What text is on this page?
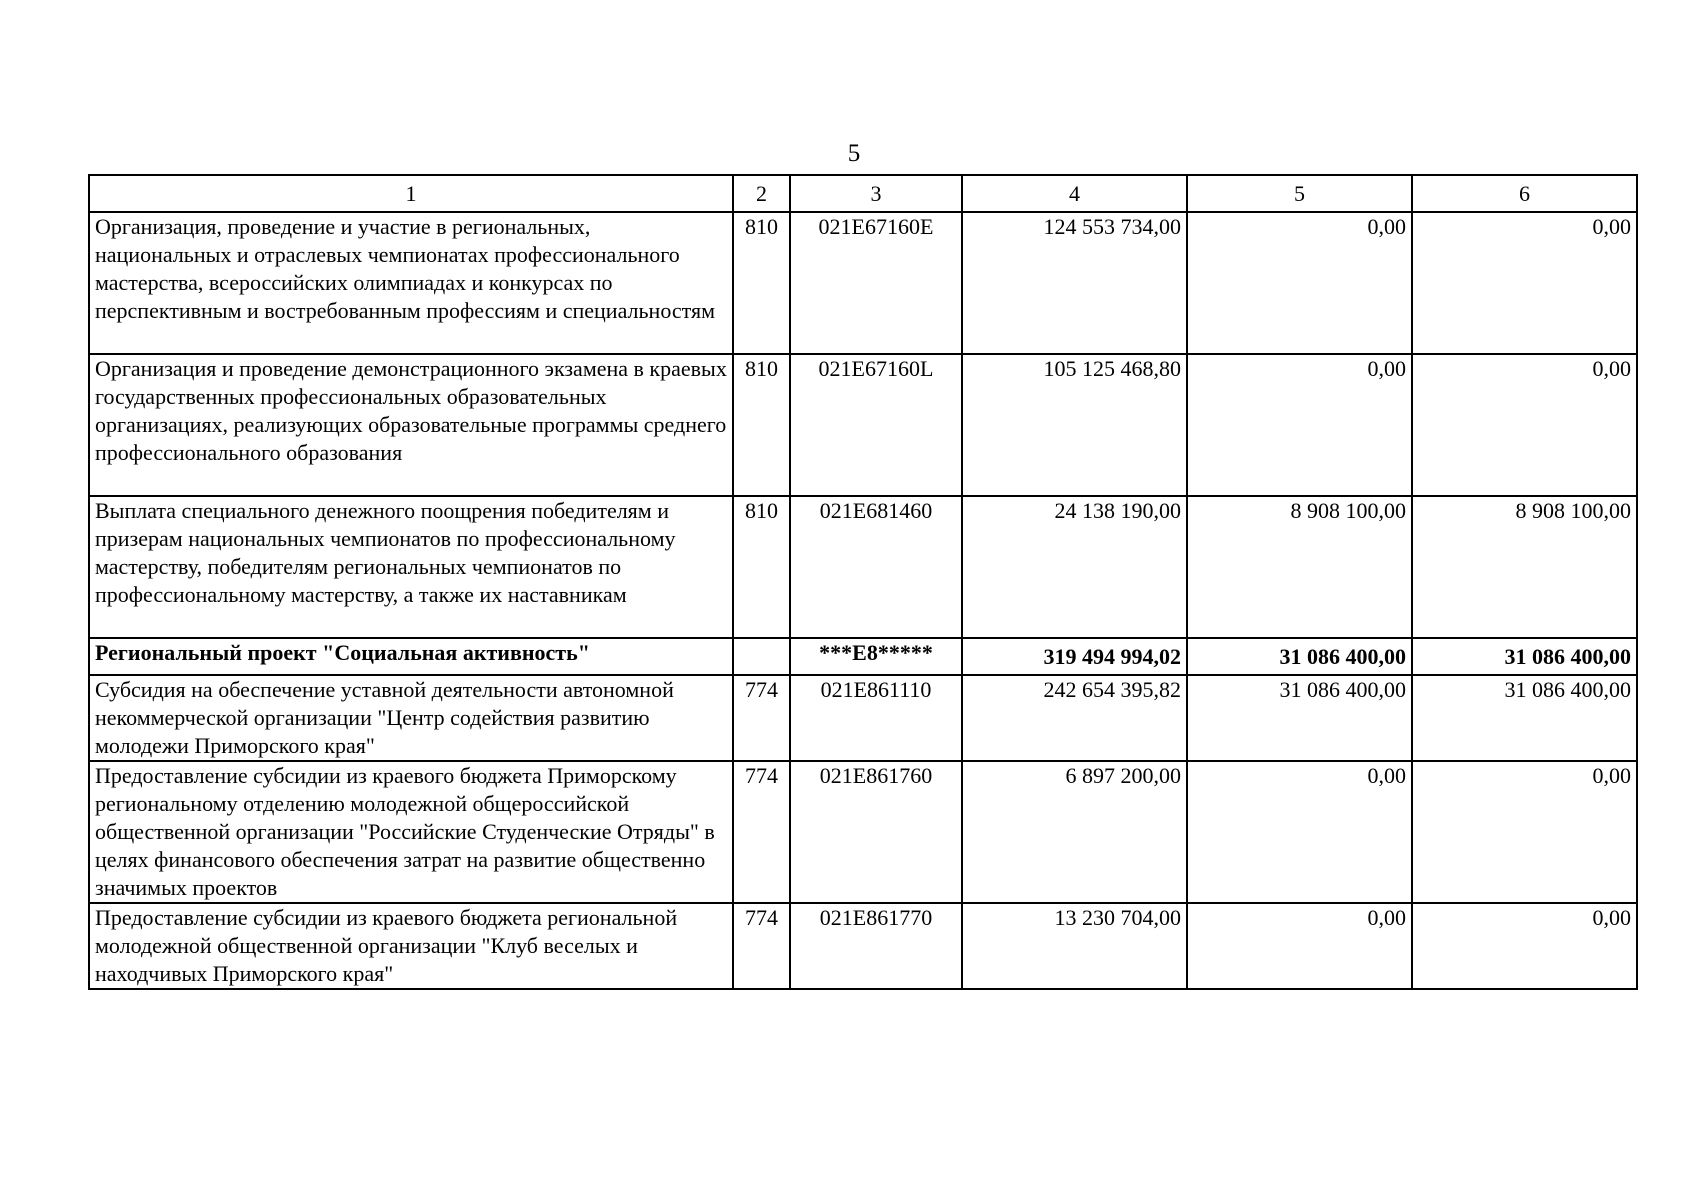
5
1	2	3	4	5	6
Организация, проведение и участие в региональных, национальных и отраслевых чемпионатах профессионального мастерства, всероссийских олимпиадах и конкурсах по перспективным и востребованным профессиям и специальностям	810	021E67160E	124 553 734,00	0,00	0,00
Организация и проведение демонстрационного экзамена в краевых государственных профессиональных образовательных организациях, реализующих образовательные программы среднего профессионального образования	810	021E67160L	105 125 468,80	0,00	0,00
Выплата специального денежного поощрения победителям и призерам национальных чемпионатов по профессиональному мастерству, победителям региональных чемпионатов по профессиональному мастерству, а также их наставникам	810	021E681460	24 138 190,00	8 908 100,00	8 908 100,00
Региональный проект "Социальная активность"		***E8*****	319 494 994,02	31 086 400,00	31 086 400,00
Субсидия на обеспечение уставной деятельности автономной некоммерческой организации "Центр содействия развитию молодежи Приморского края"	774	021E861110	242 654 395,82	31 086 400,00	31 086 400,00
Предоставление субсидии из краевого бюджета Приморскому региональному отделению молодежной общероссийской общественной организации "Российские Студенческие Отряды" в целях финансового обеспечения затрат на развитие общественно значимых проектов	774	021E861760	6 897 200,00	0,00	0,00
Предоставление субсидии из краевого бюджета региональной молодежной общественной организации "Клуб веселых и находчивых Приморского края"	774	021E861770	13 230 704,00	0,00	0,00
